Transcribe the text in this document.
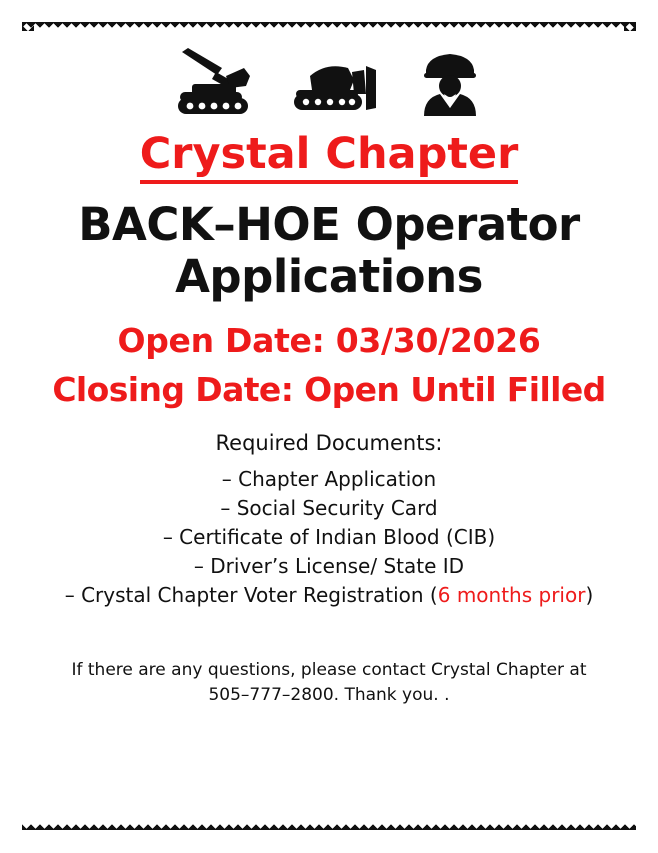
Crystal Chapter
BACK–HOE Operator Applications
Open Date: 03/30/2026
Closing Date: Open Until Filled
Required Documents:
– Chapter Application
– Social Security Card
– Certificate of Indian Blood (CIB)
– Driver’s License/ State ID
– Crystal Chapter Voter Registration (6 months prior)
If there are any questions, please contact Crystal Chapter at
505–777–2800. Thank you. .
